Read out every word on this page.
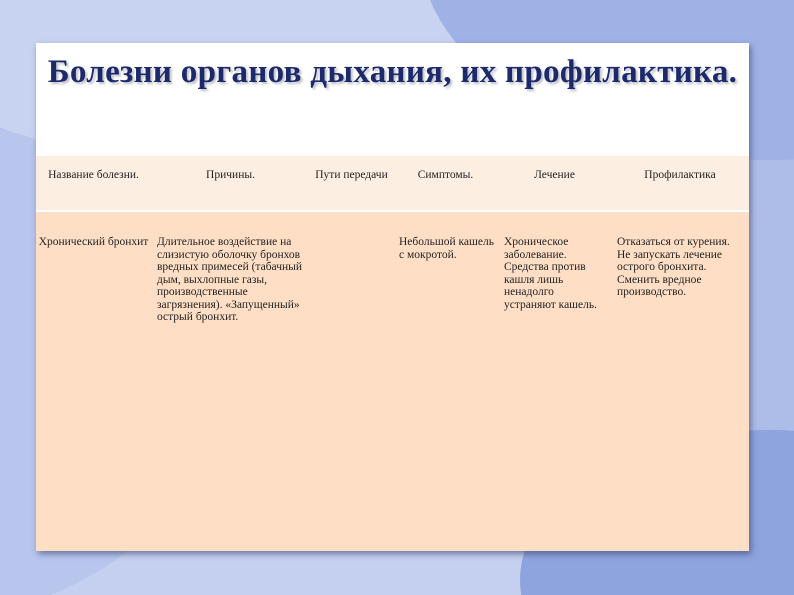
Болезни органов дыхания, их профилактика.
Название болезни.	Причины.	Пути передачи	Симптомы.	Лечение	Профилактика
Хронический бронхит	Длительное воздействие на слизистую оболочку бронхов вредных примесей (табачный дым, выхлопные газы, производственные загрязнения). «Запущенный» острый бронхит.		Небольшой кашель с мокротой.	Хроническое заболевание. Средства против кашля лишь ненадолго устраняют кашель.	Отказаться от курения. Не запускать лечение острого бронхита. Сменить вредное производство.
